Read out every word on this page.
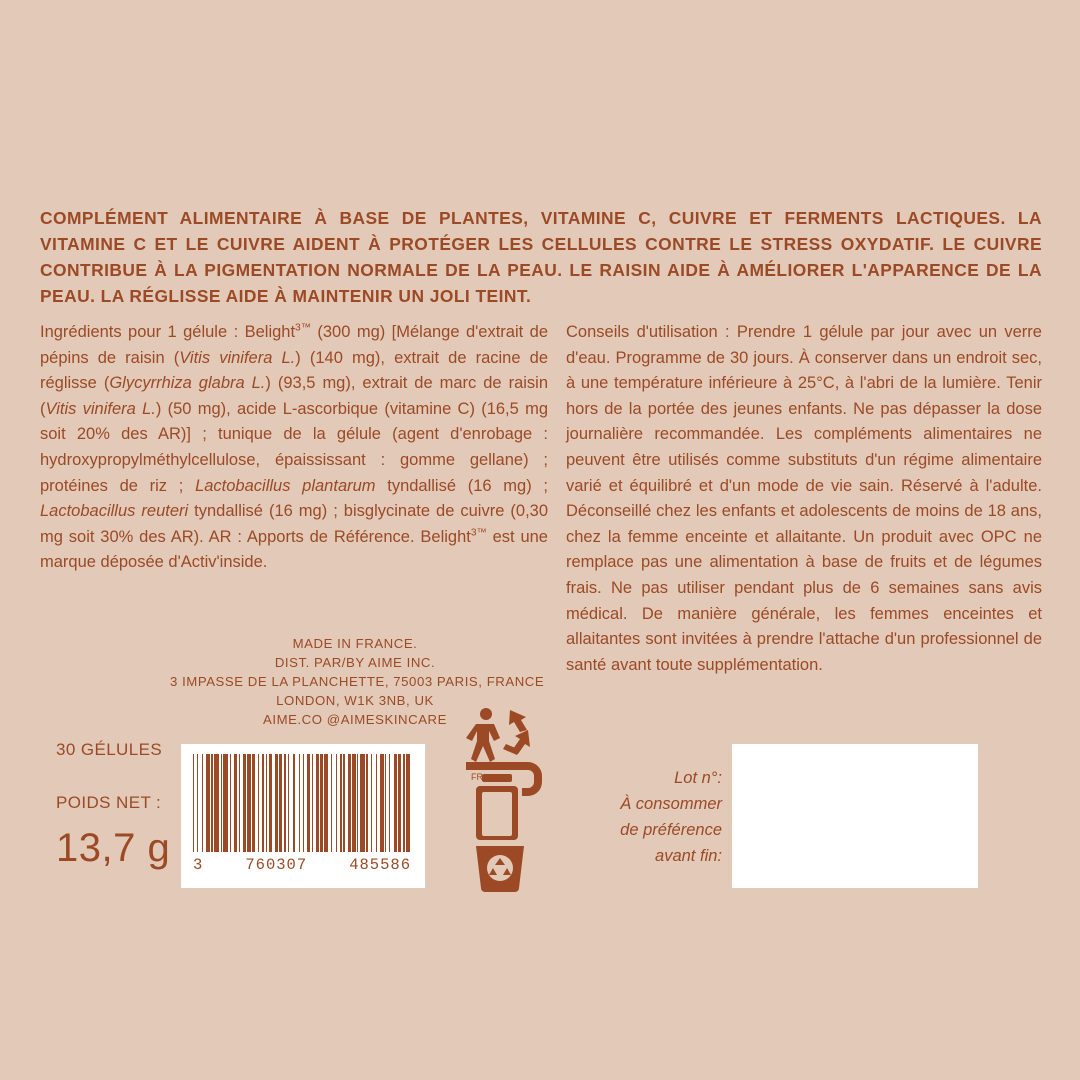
COMPLÉMENT ALIMENTAIRE À BASE DE PLANTES, VITAMINE C, CUIVRE ET FERMENTS LACTIQUES. LA VITAMINE C ET LE CUIVRE AIDENT À PROTÉGER LES CELLULES CONTRE LE STRESS OXYDATIF. LE CUIVRE CONTRIBUE À LA PIGMENTATION NORMALE DE LA PEAU. LE RAISIN AIDE À AMÉLIORER L'APPARENCE DE LA PEAU. LA RÉGLISSE AIDE À MAINTENIR UN JOLI TEINT.
Ingrédients pour 1 gélule : Belight$^{3™}$ (300 mg) [Mélange d'extrait de pépins de raisin (Vitis vinifera L.) (140 mg), extrait de racine de réglisse (Glycyrrhiza glabra L.) (93,5 mg), extrait de marc de raisin (Vitis vinifera L.) (50 mg), acide L-ascorbique (vitamine C) (16,5 mg soit 20% des AR)] ; tunique de la gélule (agent d'enrobage : hydroxypropylméthylcellulose, épaississant : gomme gellane) ; protéines de riz ; Lactobacillus plantarum tyndallisé (16 mg) ; Lactobacillus reuteri tyndallisé (16 mg) ; bisglycinate de cuivre (0,30 mg soit 30% des AR). AR : Apports de Référence. Belight$^{3™}$ est une marque déposée d'Activ'inside.
Conseils d'utilisation : Prendre 1 gélule par jour avec un verre d'eau. Programme de 30 jours. À conserver dans un endroit sec, à une température inférieure à 25°C, à l'abri de la lumière. Tenir hors de la portée des jeunes enfants. Ne pas dépasser la dose journalière recommandée. Les compléments alimentaires ne peuvent être utilisés comme substituts d'un régime alimentaire varié et équilibré et d'un mode de vie sain. Réservé à l'adulte. Déconseillé chez les enfants et adolescents de moins de 18 ans, chez la femme enceinte et allaitante. Un produit avec OPC ne remplace pas une alimentation à base de fruits et de légumes frais. Ne pas utiliser pendant plus de 6 semaines sans avis médical. De manière générale, les femmes enceintes et allaitantes sont invitées à prendre l'attache d'un professionnel de santé avant toute supplémentation.
MADE IN FRANCE.
DIST. PAR/BY AIME INC.
3 IMPASSE DE LA PLANCHETTE, 75003 PARIS, FRANCE
LONDON, W1K 3NB, UK
AIME.CO @AIMESKINCARE
30 GÉLULES
POIDS NET :
13,7 g 3	760307	485586
FR	Lot n°:
À consommer
de préférence
avant fin:
